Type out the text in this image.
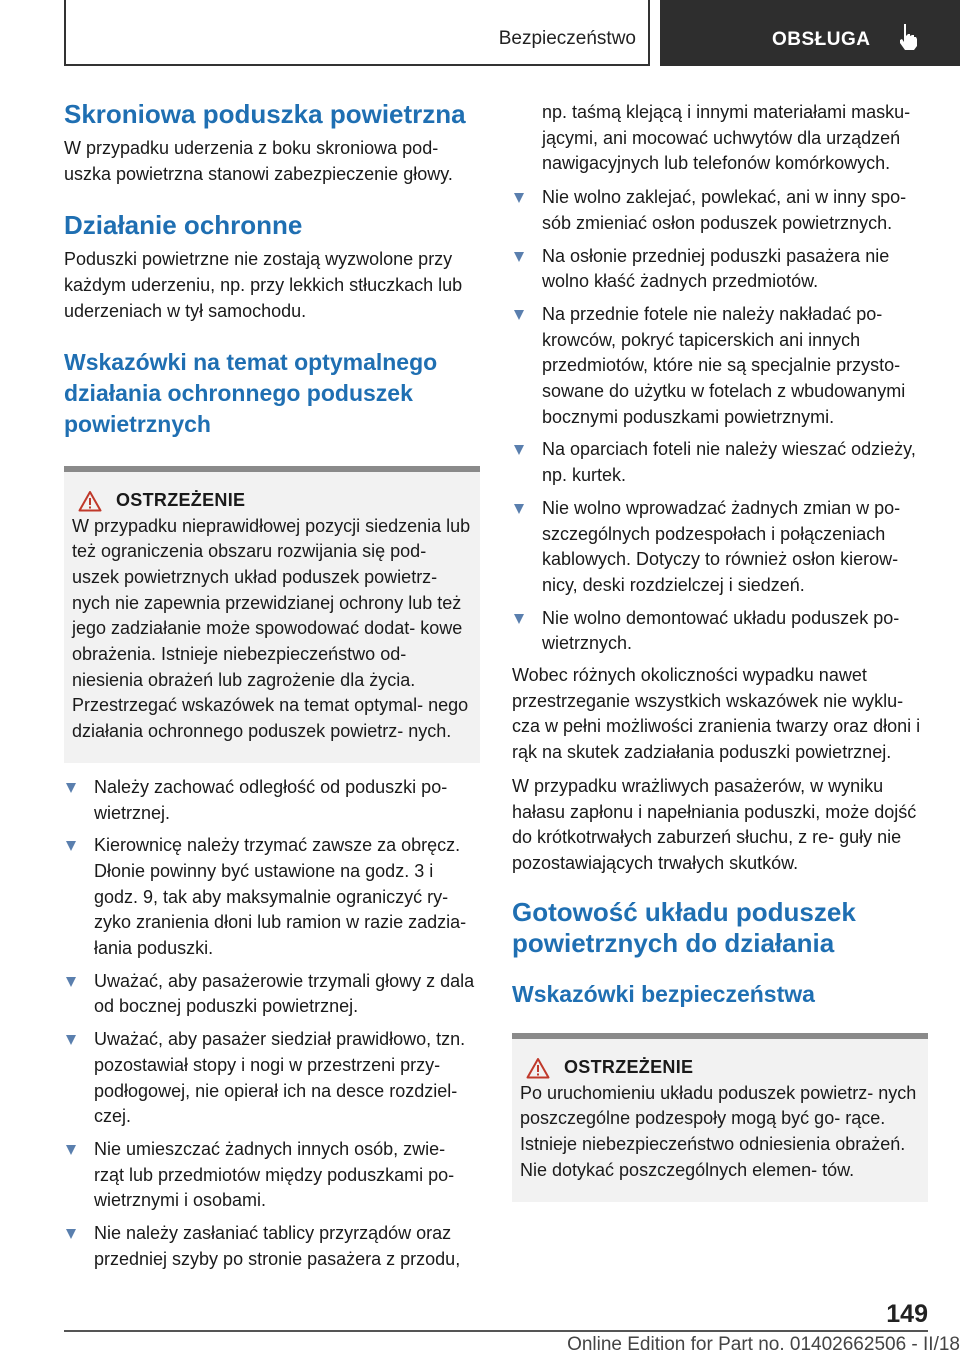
Bezpieczeństwo	OBSŁUGA
Skroniowa poduszka powietrzna

W przypadku uderzenia z boku skroniowa pod- uszka powietrzna stanowi zabezpieczenie głowy.

Działanie ochronne

Poduszki powietrzne nie zostają wyzwolone przy każdym uderzeniu, np. przy lekkich stłuczkach lub uderzeniach w tył samochodu.

Wskazówki na temat optymalnego działania ochronnego poduszek powietrznych
OSTRZEŻENIE

W przypadku nieprawidłowej pozycji siedzenia lub też ograniczenia obszaru rozwijania się pod- uszek powietrznych układ poduszek powietrz- nych nie zapewnia przewidzianej ochrony lub też jego zadziałanie może spowodować dodat- kowe obrażenia. Istnieje niebezpieczeństwo od- niesienia obrażeń lub zagrożenie dla życia. Przestrzegać wskazówek na temat optymal- nego działania ochronnego poduszek powietrz- nych.

Należy zachować odległość od poduszki po- wietrznej.
Kierownicę należy trzymać zawsze za obręcz. Dłonie powinny być ustawione na godz. 3 i godz. 9, tak aby maksymalnie ograniczyć ry- zyko zranienia dłoni lub ramion w razie zadzia- łania poduszki.
Uważać, aby pasażerowie trzymali głowy z dala od bocznej poduszki powietrznej.
Uważać, aby pasażer siedział prawidłowo, tzn. pozostawiał stopy i nogi w przestrzeni przy- podłogowej, nie opierał ich na desce rozdziel- czej.
Nie umieszczać żadnych innych osób, zwie- rząt lub przedmiotów między poduszkami po- wietrznymi i osobami.
Nie należy zasłaniać tablicy przyrządów oraz przedniej szyby po stronie pasażera z przodu,

np. taśmą klejącą i innymi materiałami masku- jącymi, ani mocować uchwytów dla urządzeń nawigacyjnych lub telefonów komórkowych.

Nie wolno zaklejać, powlekać, ani w inny spo- sób zmieniać osłon poduszek powietrznych.
Na osłonie przedniej poduszki pasażera nie wolno kłaść żadnych przedmiotów.
Na przednie fotele nie należy nakładać po- krowców, pokryć tapicerskich ani innych przedmiotów, które nie są specjalnie przysto- sowane do użytku w fotelach z wbudowanymi bocznymi poduszkami powietrznymi.
Na oparciach foteli nie należy wieszać odzieży, np. kurtek.
Nie wolno wprowadzać żadnych zmian w po- szczególnych podzespołach i połączeniach kablowych. Dotyczy to również osłon kierow- nicy, deski rozdzielczej i siedzeń.
Nie wolno demontować układu poduszek po- wietrznych.

Wobec różnych okoliczności wypadku nawet przestrzeganie wszystkich wskazówek nie wyklu- cza w pełni możliwości zranienia twarzy oraz dłoni i rąk na skutek zadziałania poduszki powietrznej.

W przypadku wrażliwych pasażerów, w wyniku hałasu zapłonu i napełniania poduszki, może dojść do krótkotrwałych zaburzeń słuchu, z re- guły nie pozostawiających trwałych skutków.

Gotowość układu poduszek powietrznych do działania
Wskazówki bezpieczeństwa
OSTRZEŻENIE

Po uruchomieniu układu poduszek powietrz- nych poszczególne podzespoły mogą być go- rące. Istnieje niebezpieczeństwo odniesienia obrażeń. Nie dotykać poszczególnych elemen- tów.

149
Online Edition for Part no. 01402662506 - II/18
